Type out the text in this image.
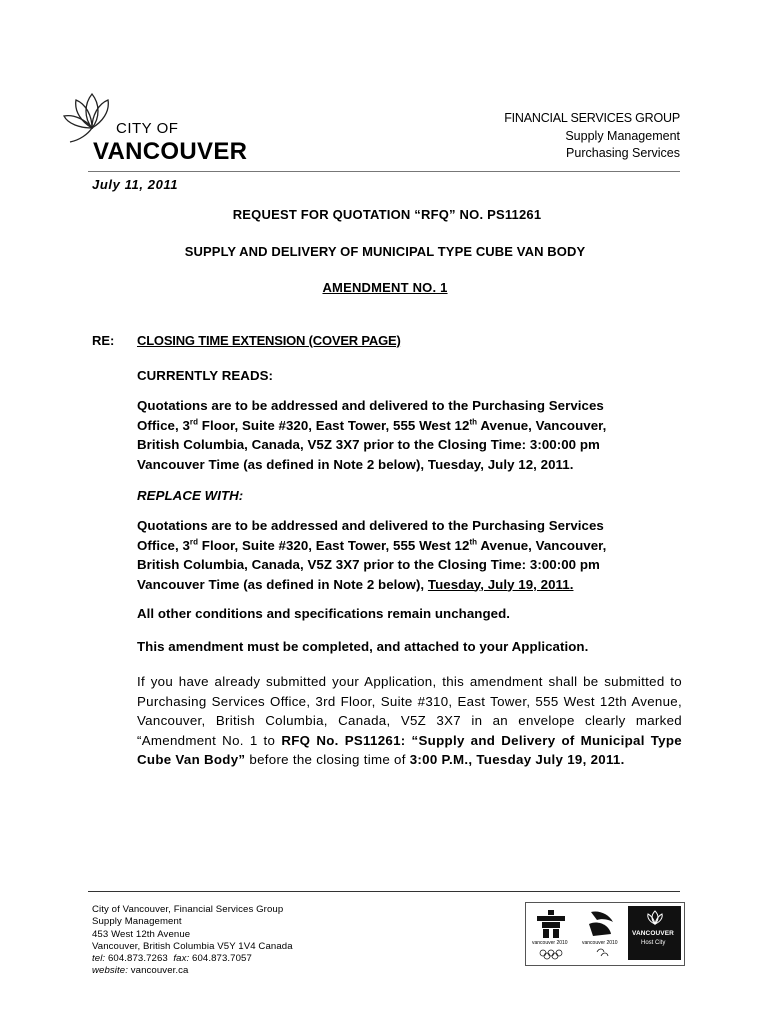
CITY OF
VANCOUVER
FINANCIAL SERVICES GROUP
Supply Management
Purchasing Services
July 11, 2011
REQUEST FOR QUOTATION “RFQ” NO. PS11261
SUPPLY AND DELIVERY OF MUNICIPAL TYPE CUBE VAN BODY
AMENDMENT NO. 1
RE: CLOSING TIME EXTENSION (COVER PAGE)
CURRENTLY READS:
Quotations are to be addressed and delivered to the Purchasing Services
Office, 3rd Floor, Suite #320, East Tower, 555 West 12th Avenue, Vancouver,
British Columbia, Canada, V5Z 3X7 prior to the Closing Time: 3:00:00 pm
Vancouver Time (as defined in Note 2 below), Tuesday, July 12, 2011.
REPLACE WITH:
Quotations are to be addressed and delivered to the Purchasing Services
Office, 3rd Floor, Suite #320, East Tower, 555 West 12th Avenue, Vancouver,
British Columbia, Canada, V5Z 3X7 prior to the Closing Time: 3:00:00 pm
Vancouver Time (as defined in Note 2 below), Tuesday, July 19, 2011.
All other conditions and specifications remain unchanged.
This amendment must be completed, and attached to your Application.
If you have already submitted your Application, this amendment shall be submitted to Purchasing Services Office, 3rd Floor, Suite #310, East Tower, 555 West 12th Avenue, Vancouver, British Columbia, Canada, V5Z 3X7 in an envelope clearly marked “Amendment No. 1 to RFQ No. PS11261: “Supply and Delivery of Municipal Type Cube Van Body” before the closing time of 3:00 P.M., Tuesday July 19, 2011.
City of Vancouver, Financial Services Group
Supply Management
453 West 12th Avenue
Vancouver, British Columbia V5Y 1V4 Canada
tel: 604.873.7263 fax: 604.873.7057
website: vancouver.ca
vancouver 2010	vancouver 2010
VANCOUVER
Host City
